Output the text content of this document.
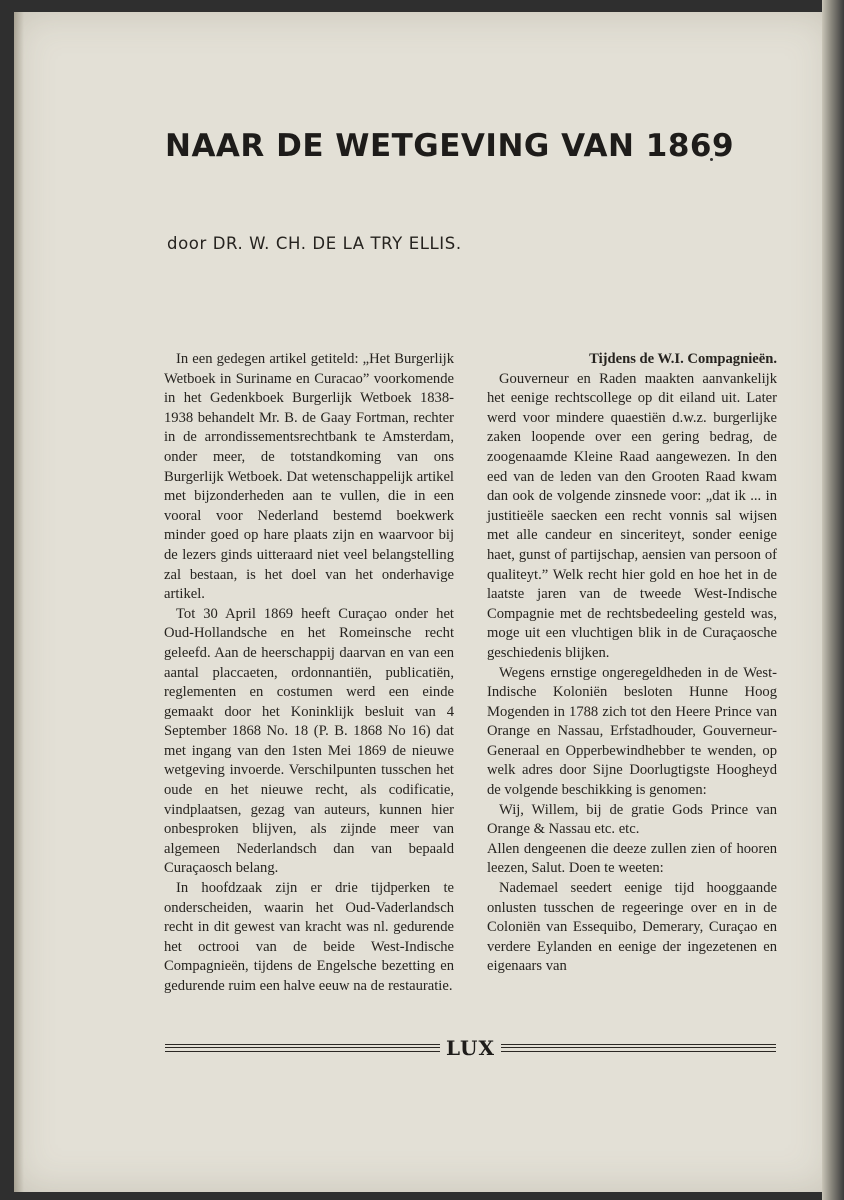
NAAR DE WETGEVING VAN 1869
door DR. W. CH. DE LA TRY ELLIS.

In een gedegen artikel getiteld: „Het Burgerlijk Wetboek in Suriname en Curacao” voorkomende in het Gedenkboek Burgerlijk Wetboek 1838-1938 behandelt Mr. B. de Gaay Fortman, rechter in de arrondissementsrechtbank te Amsterdam, onder meer, de totstandkoming van ons Burgerlijk Wetboek. Dat wetenschappelijk artikel met bijzonderheden aan te vullen, die in een vooral voor Nederland bestemd boekwerk minder goed op hare plaats zijn en waarvoor bij de lezers ginds uitteraard niet veel belangstelling zal bestaan, is het doel van het onderhavige artikel.

Tot 30 April 1869 heeft Curaçao onder het Oud-Hollandsche en het Romeinsche recht geleefd. Aan de heerschappij daarvan en van een aantal placcaeten, ordonnantiën, publicatiën, reglementen en costumen werd een einde gemaakt door het Koninklijk besluit van 4 September 1868 No. 18 (P. B. 1868 No 16) dat met ingang van den 1sten Mei 1869 de nieuwe wetgeving invoerde. Verschilpunten tusschen het oude en het nieuwe recht, als codificatie, vindplaatsen, gezag van auteurs, kunnen hier onbesproken blijven, als zijnde meer van algemeen Nederlandsch dan van bepaald Curaçaosch belang.

In hoofdzaak zijn er drie tijdperken te onderscheiden, waarin het Oud-Vaderlandsch recht in dit gewest van kracht was nl. gedurende het octrooi van de beide West-Indische Compagnieën, tijdens de Engelsche bezetting en gedurende ruim een halve eeuw na de restauratie.

Tijdens de W.I. Compagnieën.

Gouverneur en Raden maakten aanvankelijk het eenige rechtscollege op dit eiland uit. Later werd voor mindere quaestiën d.w.z. burgerlijke zaken loopende over een gering bedrag, de zoogenaamde Kleine Raad aangewezen. In den eed van de leden van den Grooten Raad kwam dan ook de volgende zinsnede voor: „dat ik ... in justitieële saecken een recht vonnis sal wijsen met alle candeur en sinceriteyt, sonder eenige haet, gunst of partijschap, aensien van persoon of qualiteyt.” Welk recht hier gold en hoe het in de laatste jaren van de tweede West-Indische Compagnie met de rechtsbedeeling gesteld was, moge uit een vluchtigen blik in de Curaçaosche geschiedenis blijken.

Wegens ernstige ongeregeldheden in de West-Indische Koloniën besloten Hunne Hoog Mogenden in 1788 zich tot den Heere Prince van Orange en Nassau, Erfstadhouder, Gouverneur-Generaal en Opperbewindhebber te wenden, op welk adres door Sijne Doorlugtigste Hoogheyd de volgende beschikking is genomen:

Wij, Willem, bij de gratie Gods Prince van Orange & Nassau etc. etc.

Allen dengeenen die deeze zullen zien of hooren leezen, Salut. Doen te weeten:

Nademael seedert eenige tijd hooggaande onlusten tusschen de regeeringe over en in de Coloniën van Essequibo, Demerary, Curaçao en verdere Eylanden en eenige der ingezetenen en eigenaars van

LUX
